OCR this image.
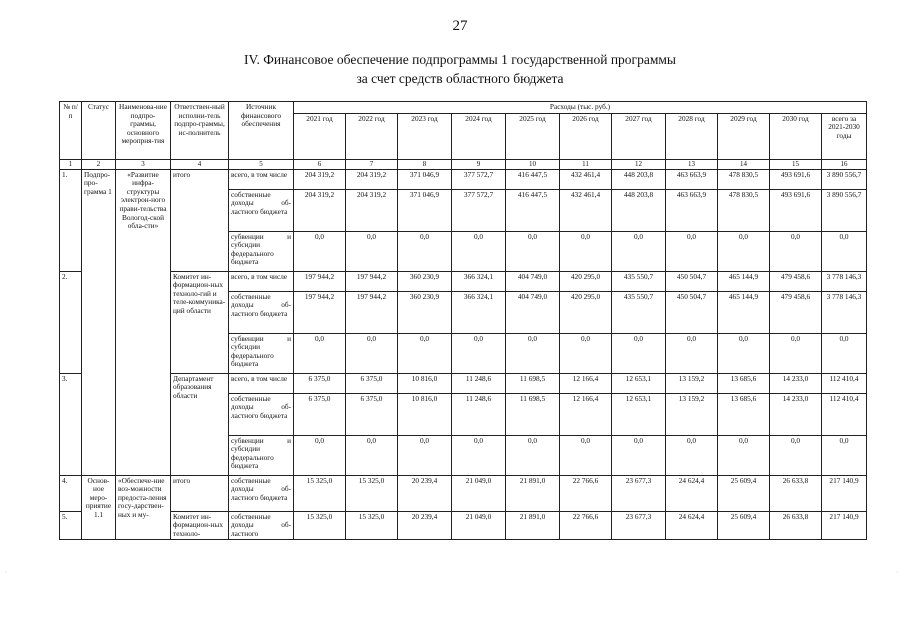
27
IV. Финансовое обеспечение подпрограммы 1 государственной программы
за счет средств областного бюджета
№ п/п	Статус	Наименова-ние подпро-граммы, основного меропрня-тия	Ответствен-ный исполни-тель подпро-граммы, ис-полнитель	Источник финансового обеспечения	Расходы (тыс. руб.)										
					2021 год	2022 год	2023 год	2024 год	2025 год	2026 год	2027 год	2028 год	2029 год	2030 год	всего за 2021-2030 годы
1	2	3	4	5	6	7	8	9	10	11	12	13	14	15	16
1.	Подпро-про-грамма 1	«Развитие инфра-структуры электрон-ного прави-тельства Вологод-ской обла-сти»	итого	всего, в том числе	204 319,2	204 319,2	371 046,9	377 572,7	416 447,5	432 461,4	448 203,8	463 663,9	478 830,5	493 691,6	3 890 556,7
				собственные доходы об-ластного бюджета	204 319,2	204 319,2	371 046,9	377 572,7	416 447,5	432 461,4	448 203,8	463 663,9	478 830,5	493 691,6	3 890 556,7
				субвенции и субсидии федерального бюджета	0,0	0,0	0,0	0,0	0,0	0,0	0,0	0,0	0,0	0,0	0,0
2.			Комитет ин-формацион-ных техноло-гий и теле-коммуника-ций области	всего, в том числе	197 944,2	197 944,2	360 230,9	366 324,1	404 749,0	420 295,0	435 550,7	450 504,7	465 144,9	479 458,6	3 778 146,3
				собственные доходы об-ластного бюджета	197 944,2	197 944,2	360 230,9	366 324,1	404 749,0	420 295,0	435 550,7	450 504,7	465 144,9	479 458,6	3 778 146,3
				субвенции и субсидии федерального бюджета	0,0	0,0	0,0	0,0	0,0	0,0	0,0	0,0	0,0	0,0	0,0
3.			Департамент образования области	всего, в том числе	6 375,0	6 375,0	10 816,0	11 248,6	11 698,5	12 166,4	12 653,1	13 159,2	13 685,6	14 233,0	112 410,4
				собственные доходы об-ластного бюджета	6 375,0	6 375,0	10 816,0	11 248,6	11 698,5	12 166,4	12 653,1	13 159,2	13 685,6	14 233,0	112 410,4
				субвенции и субсидии федерального бюджета	0,0	0,0	0,0	0,0	0,0	0,0	0,0	0,0	0,0	0,0	0,0
4.	Основ-ное меро-приятие 1.1	«Обеспече-ние воз-можности предоста-ления госу-дарствен-ных и му-	итого	собственные доходы об-ластного бюджета	15 325,0	15 325,0	20 239,4	21 049,0	21 891,0	22 766,6	23 677,3	24 624,4	25 609,4	26 633,8	217 140,9
5.			Комитет ин-формацион-ных техноло-	собственные доходы об-ластного	15 325,0	15 325,0	20 239,4	21 049,0	21 891,0	22 766,6	23 677,3	24 624,4	25 609,4	26 633,8	217 140,9
·	·
